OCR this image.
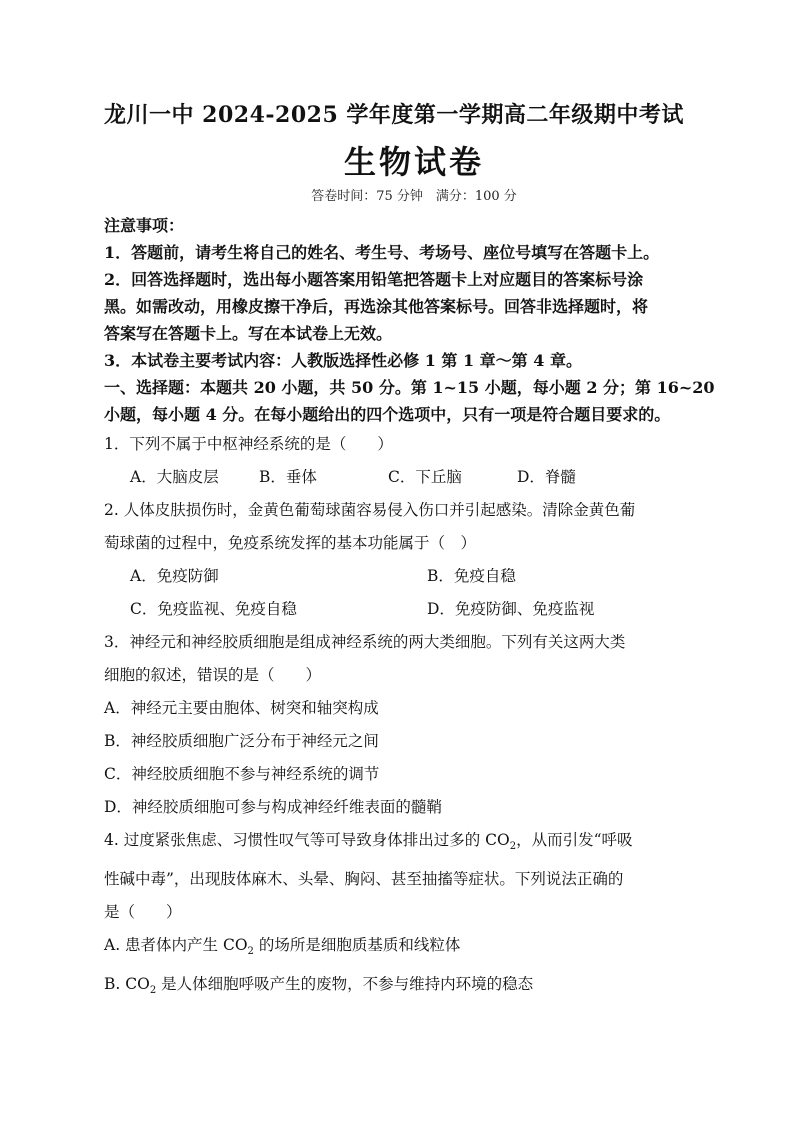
龙川一中 2024-2025 学年度第一学期高二年级期中考试

生物试卷

答卷时间：75 分钟　满分：100 分

注意事项：

1．答题前，请考生将自己的姓名、考生号、考场号、座位号填写在答题卡上。

2．回答选择题时，选出每小题答案用铅笔把答题卡上对应题目的答案标号涂

黑。如需改动，用橡皮擦干净后，再选涂其他答案标号。回答非选择题时，将

答案写在答题卡上。写在本试卷上无效。

3．本试卷主要考试内容：人教版选择性必修 1 第 1 章～第 4 章。

一、选择题：本题共 20 小题，共 50 分。第 1~15 小题，每小题 2 分；第 16~20

小题，每小题 4 分。在每小题给出的四个选项中，只有一项是符合题目要求的。

1．下列不属于中枢神经系统的是（　　）

A．大脑皮层	B．垂体	C．下丘脑	D．脊髓

2. 人体皮肤损伤时，金黄色葡萄球菌容易侵入伤口并引起感染。清除金黄色葡

萄球菌的过程中，免疫系统发挥的基本功能属于（　）

A．免疫防御	B．免疫自稳
C．免疫监视、免疫自稳	D．免疫防御、免疫监视

3．神经元和神经胶质细胞是组成神经系统的两大类细胞。下列有关这两大类

细胞的叙述，错误的是（　　）

A．神经元主要由胞体、树突和轴突构成

B．神经胶质细胞广泛分布于神经元之间

C．神经胶质细胞不参与神经系统的调节

D．神经胶质细胞可参与构成神经纤维表面的髓鞘

4. 过度紧张焦虑、习惯性叹气等可导致身体排出过多的 $CO_2$，从而引发“呼吸

性碱中毒”，出现肢体麻木、头晕、胸闷、甚至抽搐等症状。下列说法正确的

是（　　）

A. 患者体内产生 $CO_2$ 的场所是细胞质基质和线粒体

B. $CO_2$ 是人体细胞呼吸产生的废物，不参与维持内环境的稳态
